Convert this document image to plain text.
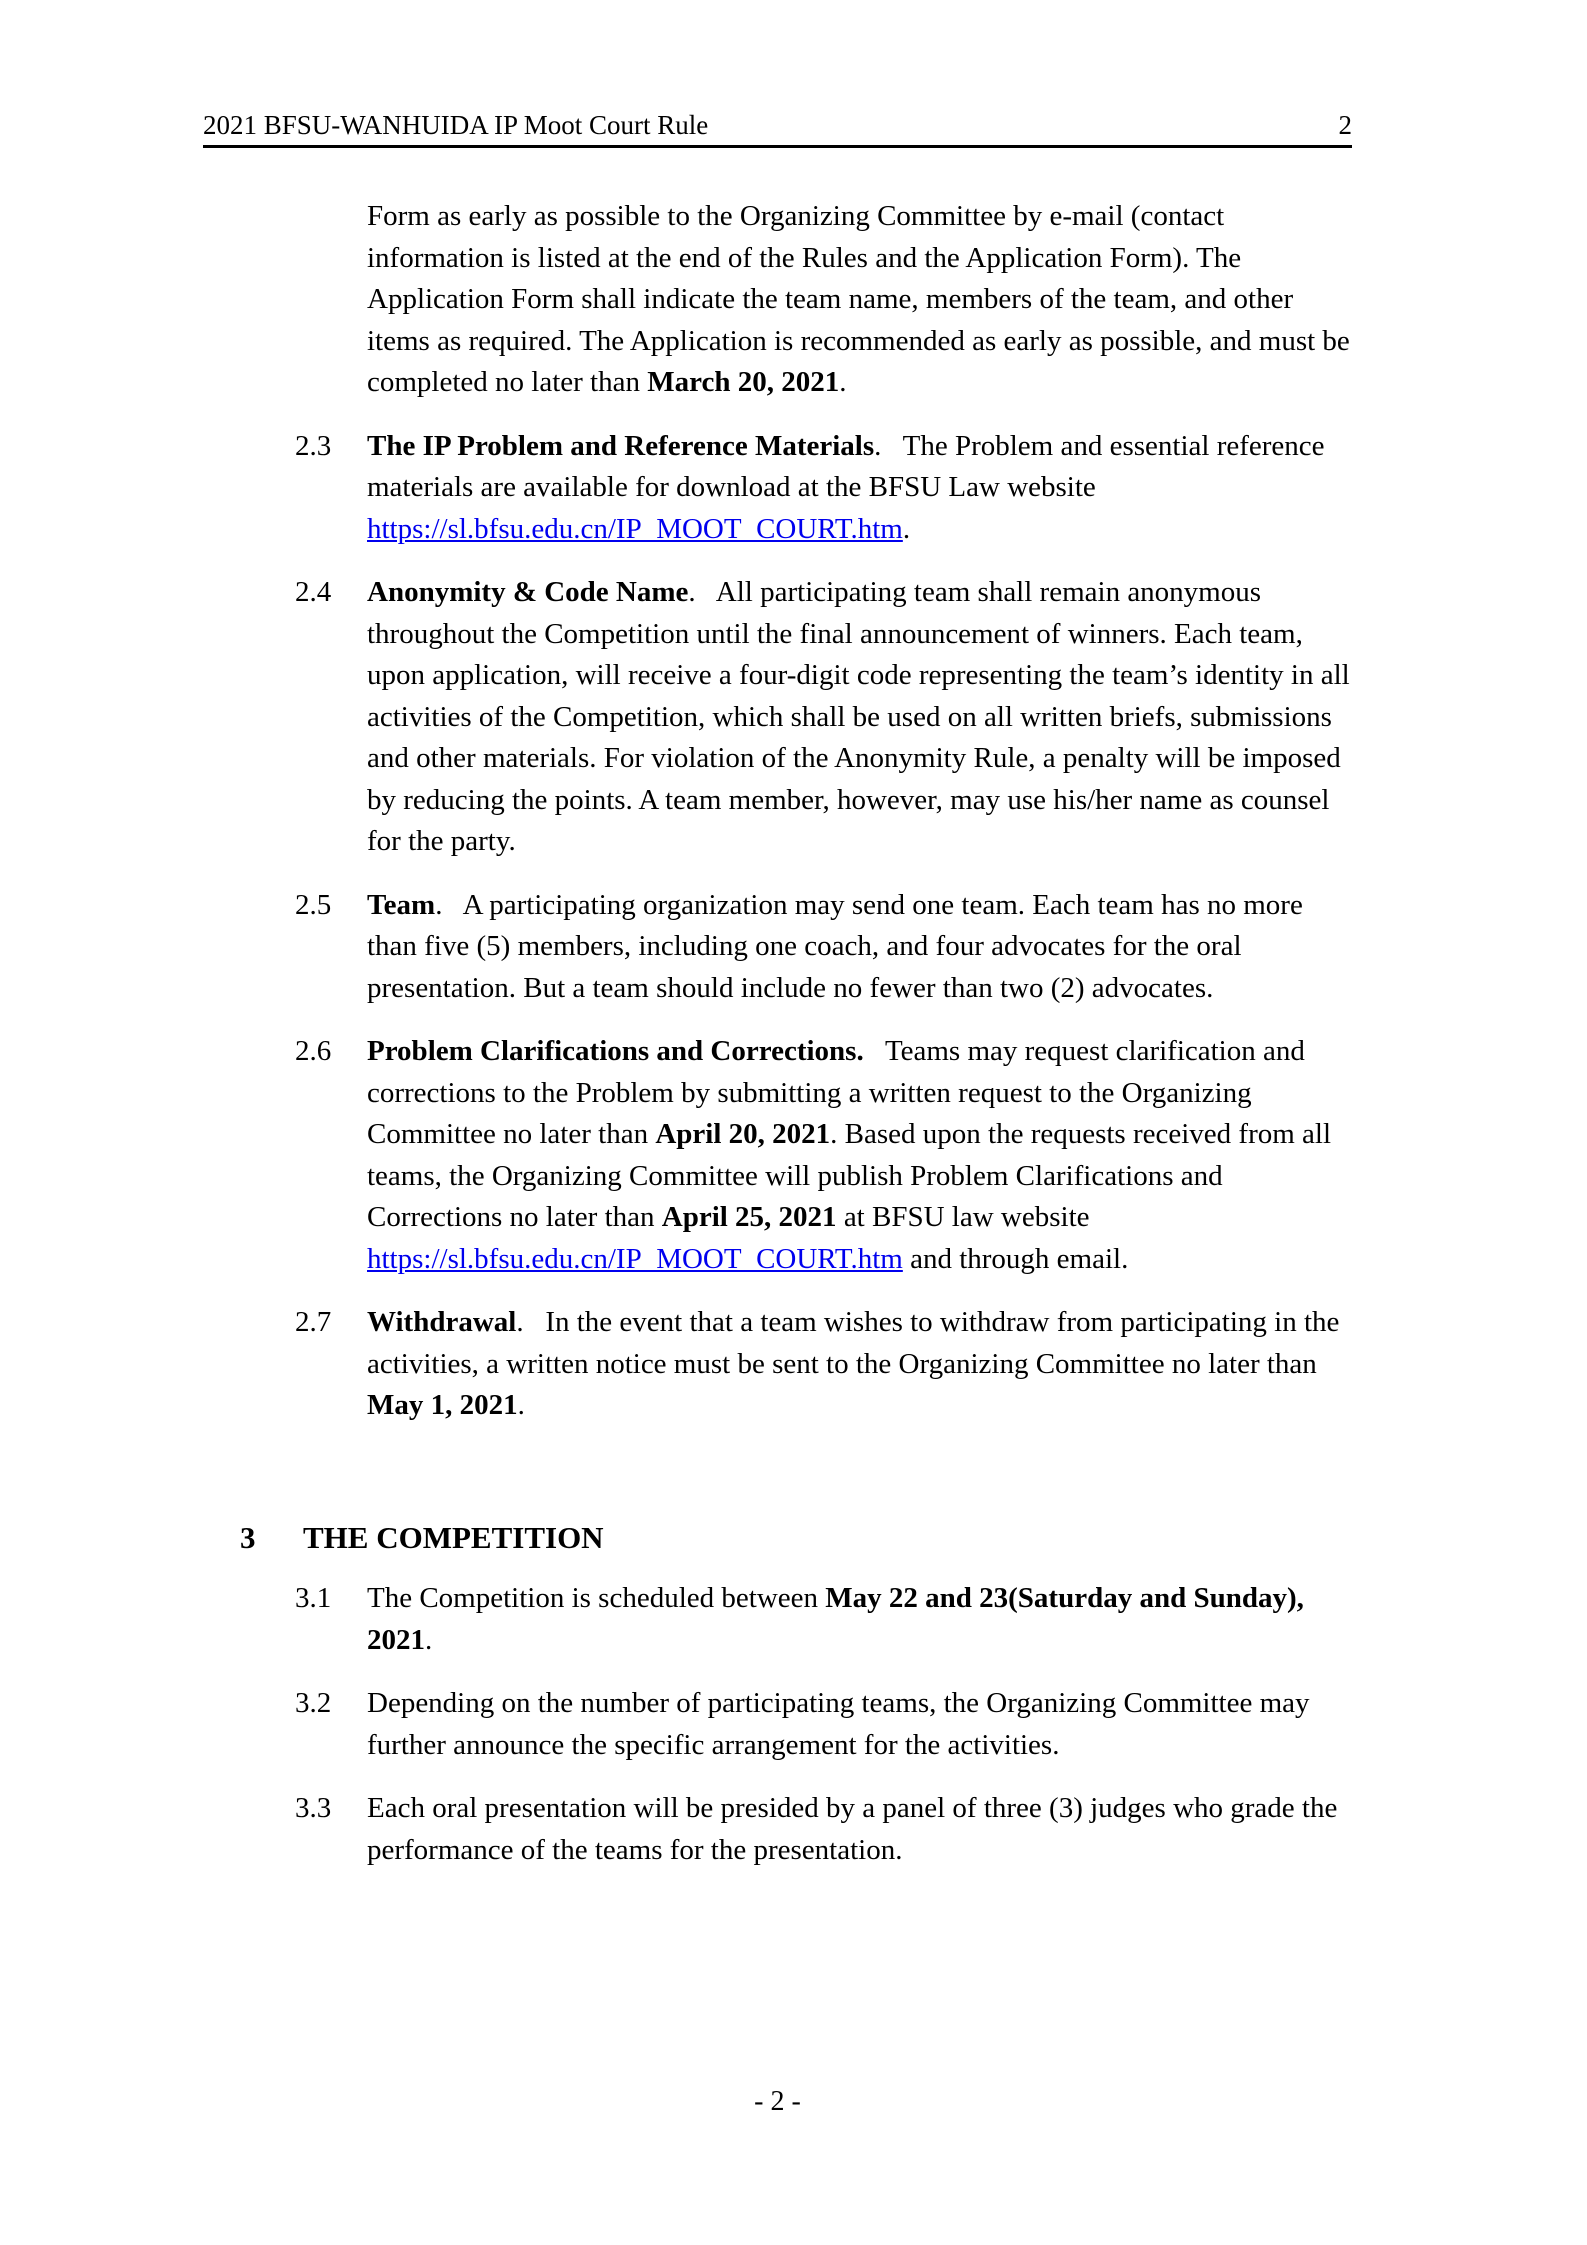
2021 BFSU-WANHUIDA IP Moot Court Rule	2

Form as early as possible to the Organizing Committee by e-mail (contact information is listed at the end of the Rules and the Application Form). The Application Form shall indicate the team name, members of the team, and other items as required. The Application is recommended as early as possible, and must be completed no later than March 20, 2021.

2.3	The IP Problem and Reference Materials.   The Problem and essential reference materials are available for download at the BFSU Law website https://sl.bfsu.edu.cn/IP_MOOT_COURT.htm.

2.4	Anonymity & Code Name.   All participating team shall remain anonymous throughout the Competition until the final announcement of winners. Each team, upon application, will receive a four-digit code representing the team’s identity in all activities of the Competition, which shall be used on all written briefs, submissions and other materials. For violation of the Anonymity Rule, a penalty will be imposed by reducing the points. A team member, however, may use his/her name as counsel for the party.

2.5	Team.   A participating organization may send one team. Each team has no more than five (5) members, including one coach, and four advocates for the oral presentation. But a team should include no fewer than two (2) advocates.

2.6	Problem Clarifications and Corrections.   Teams may request clarification and corrections to the Problem by submitting a written request to the Organizing Committee no later than April 20, 2021. Based upon the requests received from all teams, the Organizing Committee will publish Problem Clarifications and Corrections no later than April 25, 2021 at BFSU law website https://sl.bfsu.edu.cn/IP_MOOT_COURT.htm and through email.

2.7	Withdrawal.   In the event that a team wishes to withdraw from participating in the activities, a written notice must be sent to the Organizing Committee no later than May 1, 2021.

3	THE COMPETITION
3.1	The Competition is scheduled between May 22 and 23(Saturday and Sunday), 2021.

3.2	Depending on the number of participating teams, the Organizing Committee may further announce the specific arrangement for the activities.

3.3	Each oral presentation will be presided by a panel of three (3) judges who grade the performance of the teams for the presentation.

- 2 -
